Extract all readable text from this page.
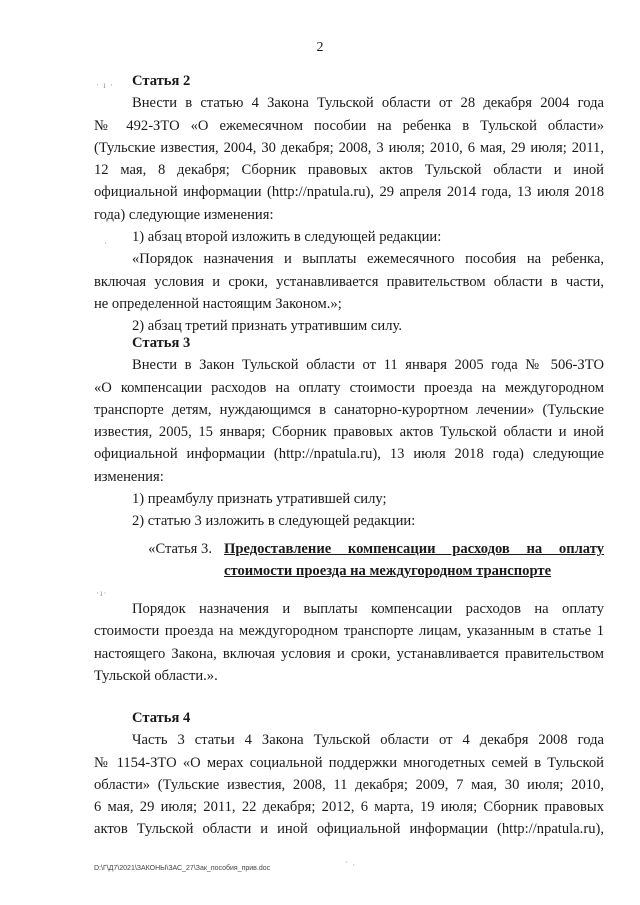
2
· ı ·
·
·ı·
ˋ ·

Статья 2

Внести в статью 4 Закона Тульской области от 28 декабря 2004 года

№ 492-ЗТО «О ежемесячном пособии на ребенка в Тульской области»

(Тульские известия, 2004, 30 декабря; 2008, 3 июля; 2010, 6 мая, 29 июля; 2011,

12 мая, 8 декабря; Сборник правовых актов Тульской области и иной

официальной информации (http://npatula.ru), 29 апреля 2014 года, 13 июля 2018

года) следующие изменения:

1) абзац второй изложить в следующей редакции:

«Порядок назначения и выплаты ежемесячного пособия на ребенка,

включая условия и сроки, устанавливается правительством области в части,

не определенной настоящим Законом.»;

2) абзац третий признать утратившим силу.

Статья 3

Внести в Закон Тульской области от 11 января 2005 года № 506-ЗТО

«О компенсации расходов на оплату стоимости проезда на междугородном

транспорте детям, нуждающимся в санаторно-курортном лечении» (Тульские

известия, 2005, 15 января; Сборник правовых актов Тульской области и иной

официальной информации (http://npatula.ru), 13 июля 2018 года) следующие

изменения:

1) преамбулу признать утратившей силу;

2) статью 3 изложить в следующей редакции:

«Статья 3. Предоставление компенсации расходов на оплату
стоимости проезда на междугородном транспорте

Порядок назначения и выплаты компенсации расходов на оплату

стоимости проезда на междугородном транспорте лицам, указанным в статье 1

настоящего Закона, включая условия и сроки, устанавливается правительством

Тульской области.».

Статья 4

Часть 3 статьи 4 Закона Тульской области от 4 декабря 2008 года

№ 1154-ЗТО «О мерах социальной поддержки многодетных семей в Тульской

области» (Тульские известия, 2008, 11 декабря; 2009, 7 мая, 30 июля; 2010,

6 мая, 29 июля; 2011, 22 декабря; 2012, 6 марта, 19 июля; Сборник правовых

актов Тульской области и иной официальной информации (http://npatula.ru),

D:\Г\Д7\2021\ЗАКОНЫ\ЗАС_27\Зак_пособия_прив.doc
